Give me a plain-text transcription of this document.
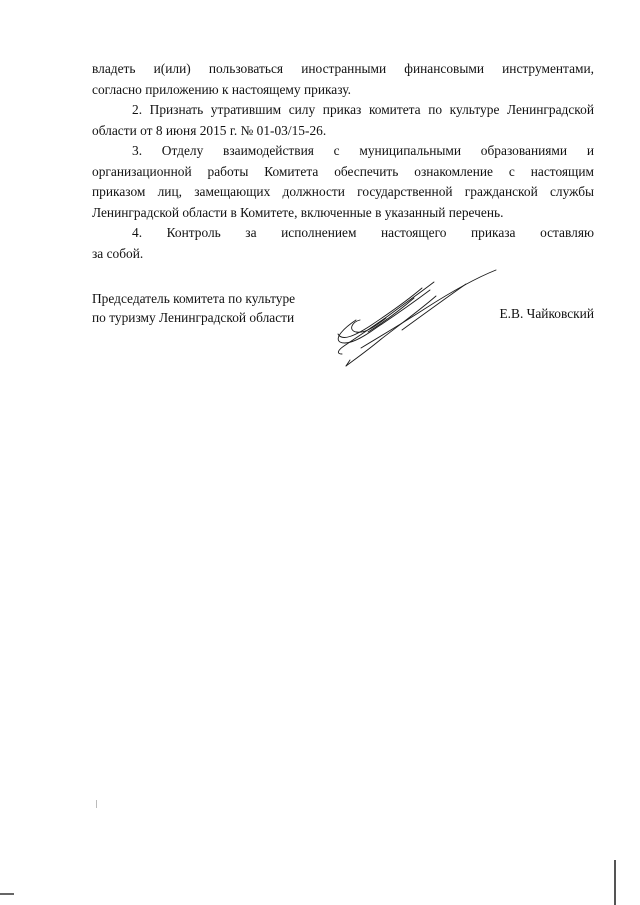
владеть и(или) пользоваться иностранными финансовыми инструментами,

согласно приложению к настоящему приказу.

2. Признать утратившим силу приказ комитета по культуре Ленинградской

области от 8 июня 2015 г. № 01-03/15-26.

3. Отделу взаимодействия с муниципальными образованиями и

организационной работы Комитета обеспечить ознакомление с настоящим

приказом лиц, замещающих должности государственной гражданской службы

Ленинградской области в Комитете, включенные в указанный перечень.

4. Контроль за исполнением настоящего приказа оставляю

за собой.

Председатель комитета по культуре
по туризму Ленинградской области	Е.В. Чайковский
